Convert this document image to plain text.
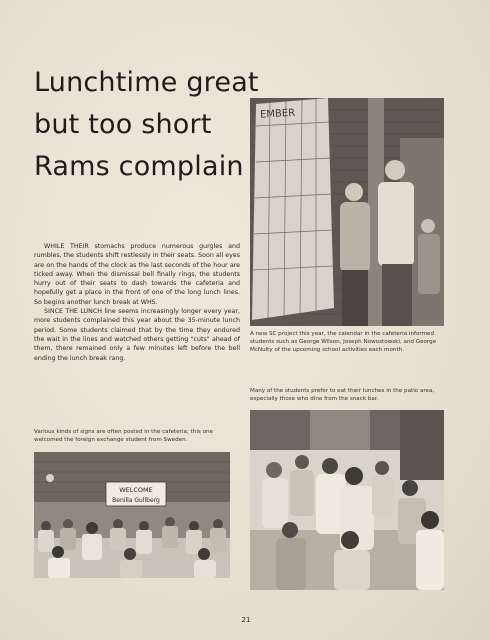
Lunchtime great
but too short
Rams complain

WHILE THEIR stomachs produce numerous gurgles and rumbles, the students shift restlessly in their seats. Soon all eyes are on the hands of the clock as the last seconds of the hour are ticked away. When the dismissal bell finally rings, the students hurry out of their seats to dash towards the cafeteria and hopefully get a place in the front of one of the long lunch lines. So begins another lunch break at WHS.

SINCE THE LUNCH line seems increasingly longer every year, more students complained this year about the 35-minute lunch period. Some students claimed that by the time they endured the wait in the lines and watched others getting "cuts" ahead of them, there remained only a few minutes left before the bell ending the lunch break rang.

EMBER
A new SC project this year, the calendar in the cafeteria informed students such as George Wilson, Joseph Nowostowski, and George McNulty of the upcoming school activities each month.
Many of the students prefer to eat their lunches in the patio area, especially those who dine from the snack bar.
Various kinds of signs are often posted in the cafeteria; this one welcomed the foreign exchange student from Sweden.
WELCOME
Benilla Gullberg
21
